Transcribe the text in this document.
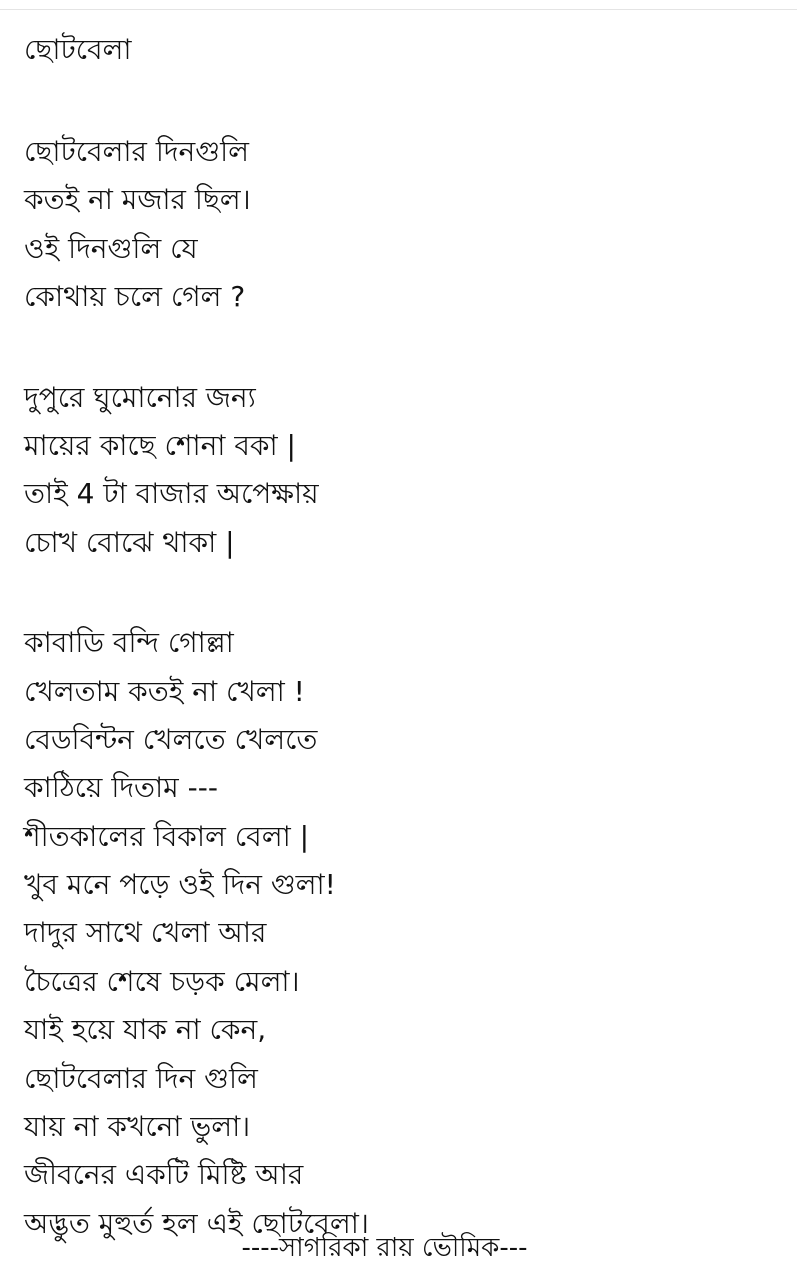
ছোটবেলা
ছোটবেলার দিনগুলি
কতই না মজার ছিল।
ওই দিনগুলি যে
কোথায় চলে গেল ?
দুপুরে ঘুমোনোর জন্য
মায়ের কাছে শোনা বকা |
তাই 4 টা বাজার অপেক্ষায়
চোখ বোঝে থাকা |
কাবাডি বন্দি গোল্লা
খেলতাম কতই না খেলা !
বেডবিন্টন খেলতে খেলতে
কাঠিয়ে দিতাম ---
শীতকালের বিকাল বেলা |
খুব মনে পড়ে ওই দিন গুলা!
দাদুর সাথে খেলা আর
চৈত্রের শেষে চড়ক মেলা।
যাই হয়ে যাক না কেন,
ছোটবেলার দিন গুলি
যায় না কখনো ভুলা।
জীবনের একটি মিষ্টি আর
অদ্ভুত মুহুর্ত হল এই ছোটবেলা।
----সাগরিকা রায় ভৌমিক---
